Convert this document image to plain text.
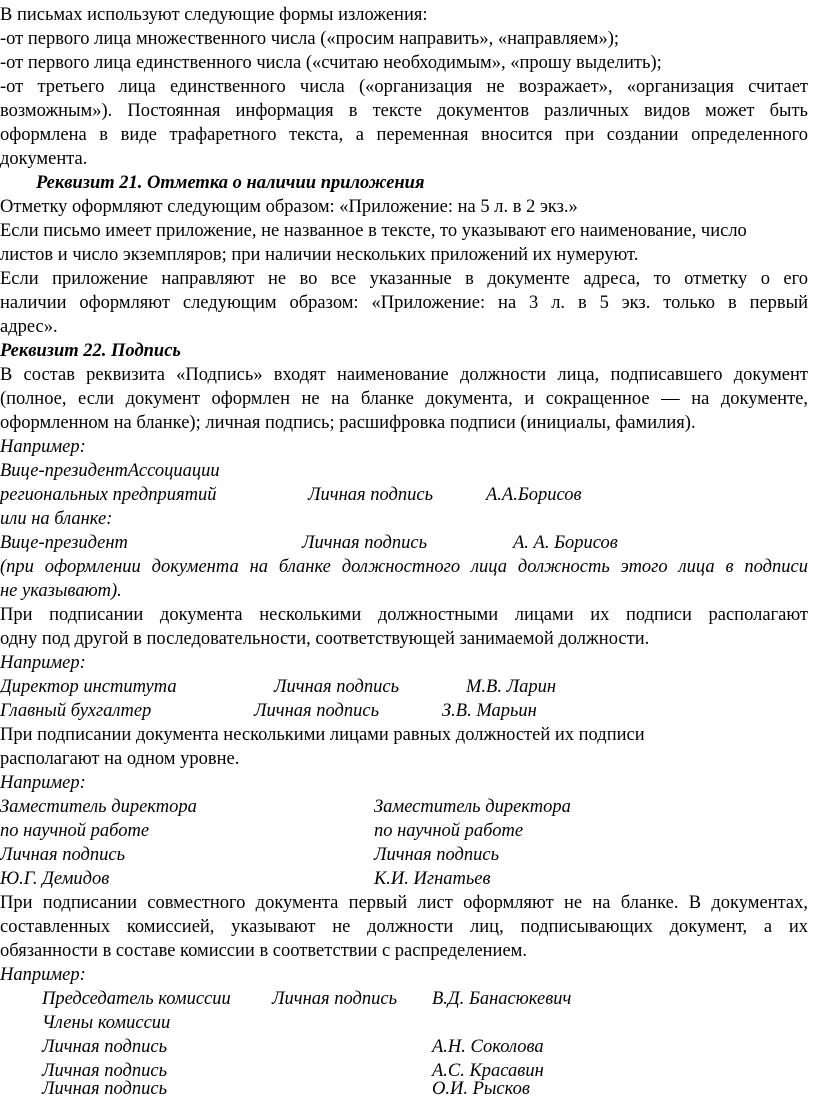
В письмах используют следующие формы изложения:
-от первого лица множественного числа («просим направить», «направляем»);
-от первого лица единственного числа («считаю необходимым», «прошу выделить);
-от третьего лица единственного числа («организация не возражает», «организация считает
возможным»). Постоянная информация в тексте документов различных видов может быть
оформлена в виде трафаретного текста, а переменная вносится при создании определенного
документа.
Реквизит 21. Отметка о наличии приложения
Отметку оформляют следующим образом: «Приложение: на 5 л. в 2 экз.»
Если письмо имеет приложение, не названное в тексте, то указывают его наименование, число
листов и число экземпляров; при наличии нескольких приложений их нумеруют.
Если приложение направляют не во все указанные в документе адреса, то отметку о его
наличии оформляют следующим образом: «Приложение: на 3 л. в 5 экз. только в первый
адрес».
Реквизит 22. Подпись
В состав реквизита «Подпись» входят наименование должности лица, подписавшего документ
(полное, если документ оформлен не на бланке документа, и сокращенное — на документе,
оформленном на бланке); личная подпись; расшифровка подписи (инициалы, фамилия).
Например:
Вице-президентАссоциации
региональных предприятий	Личная подпись	А.А.Борисов
или на бланке:
Вице-президент	Личная подпись	А. А. Борисов
(при оформлении документа на бланке должностного лица должность этого лица в подписи
не указывают).
При подписании документа несколькими должностными лицами их подписи располагают
одну под другой в последовательности, соответствующей занимаемой должности.
Например:
Директор института	Личная подпись	М.В. Ларин
Главный бухгалтер	Личная подпись	З.В. Марьин
При подписании документа несколькими лицами равных должностей их подписи
располагают на одном уровне.
Например:
Заместитель директора	Заместитель директора
по научной работе	по научной работе
Личная подпись	Личная подпись
Ю.Г. Демидов	К.И. Игнатьев
При подписании совместного документа первый лист оформляют не на бланке. В документах,
составленных комиссией, указывают не должности лиц, подписывающих документ, а их
обязанности в составе комиссии в соответствии с распределением.
Например:
Председатель комиссии Личная подпись В.Д. Банасюкевич
Члены комиссии
Личная подпись	А.Н. Соколова
Личная подпись	А.С. Красавин
Личная подпись	О.И. Рысков
